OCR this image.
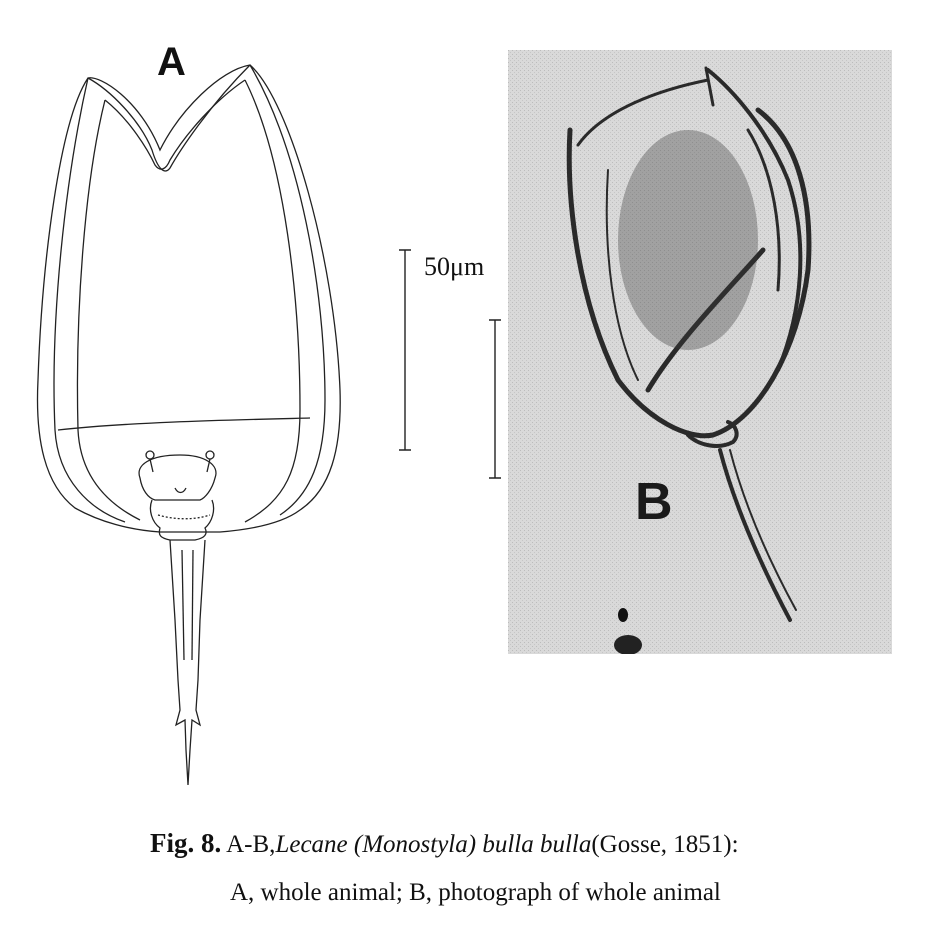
A
50μm
B
Fig. 8. A-B,Lecane (Monostyla) bulla bulla(Gosse, 1851):
A, whole animal; B, photograph of whole animal
